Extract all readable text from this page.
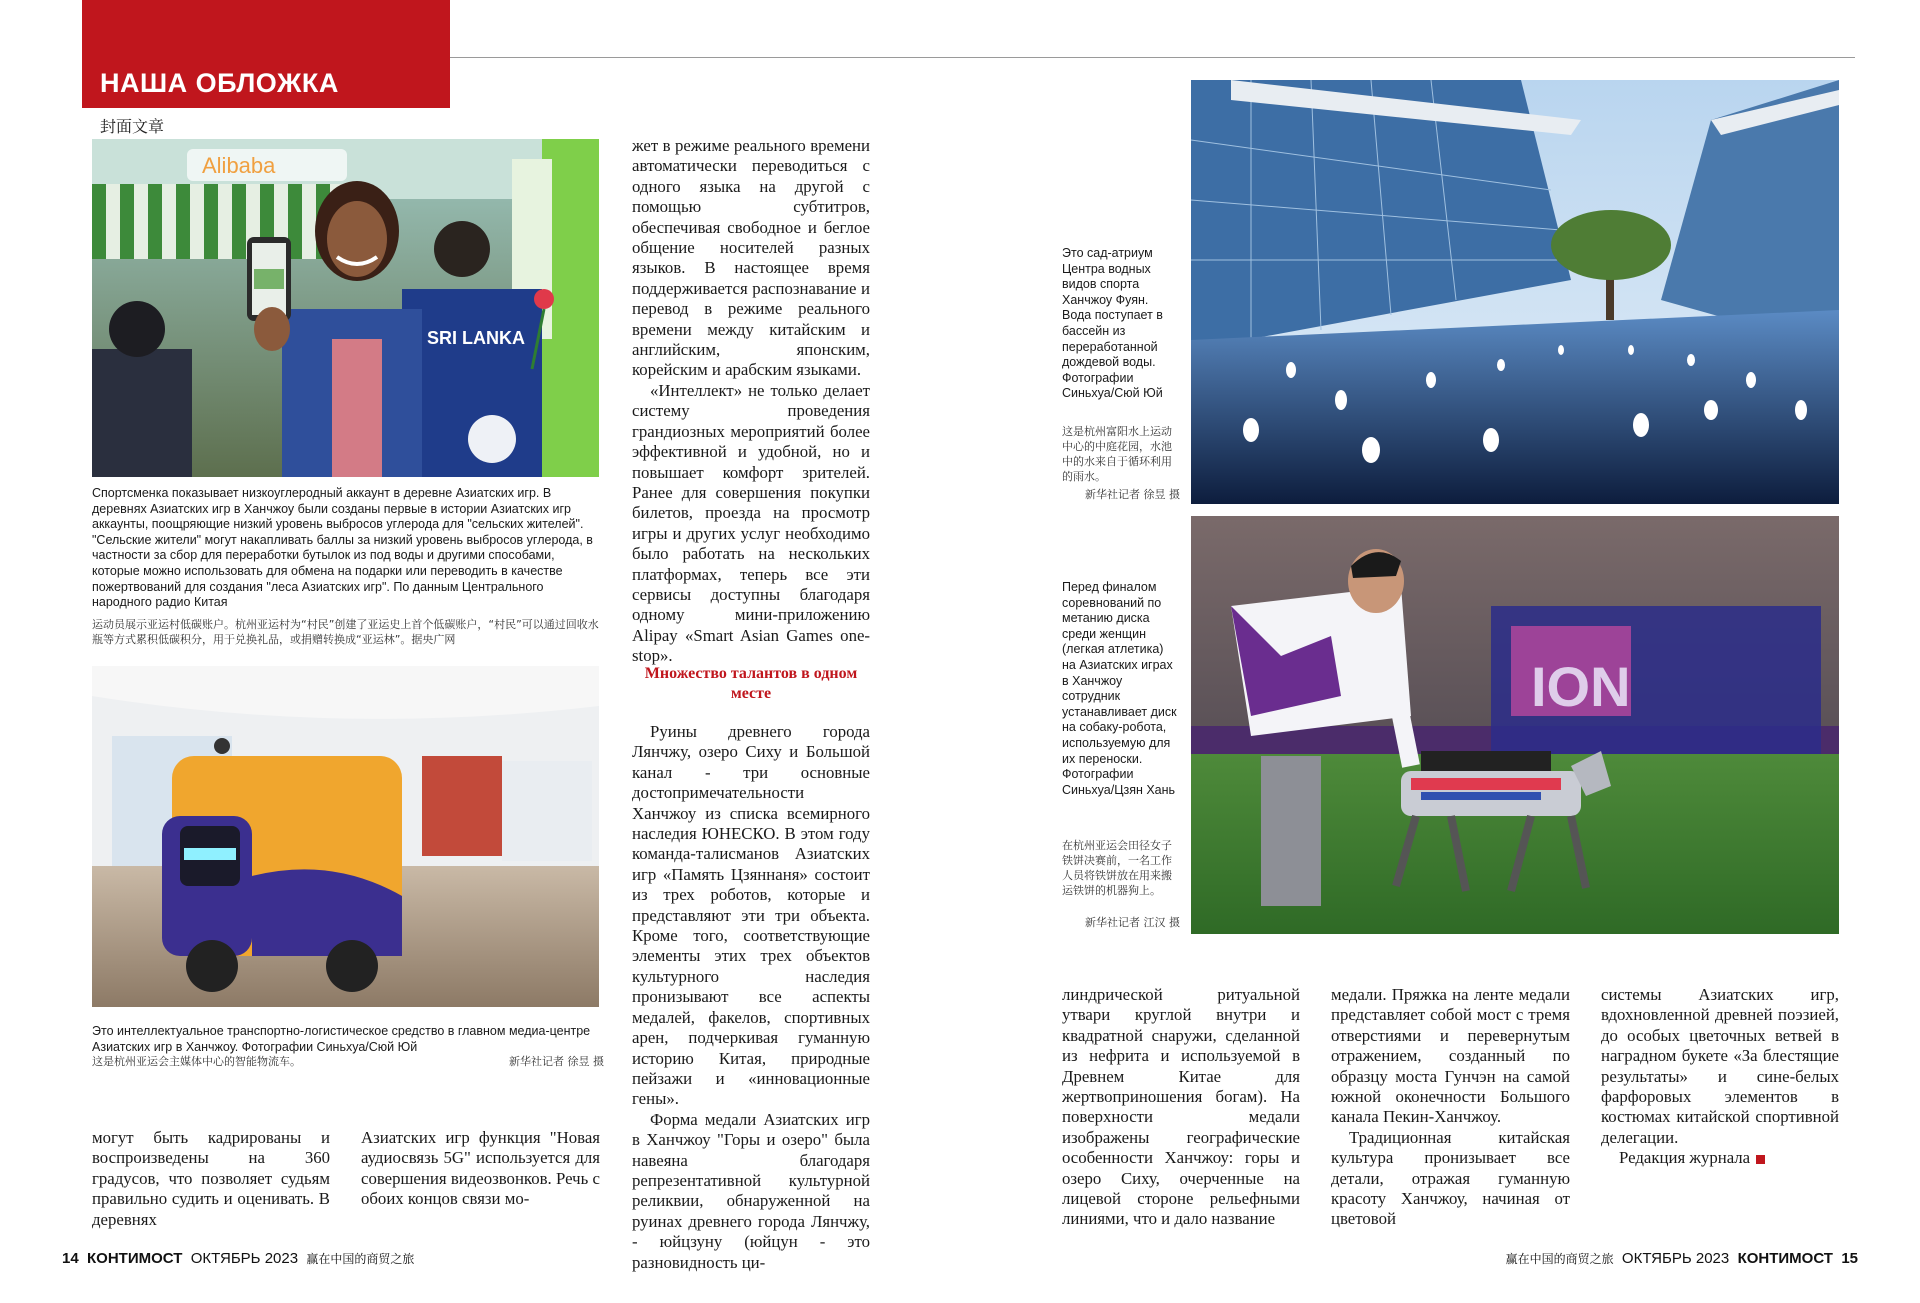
НАША ОБЛОЖКА
封面文章
Alibaba
SRI LANKA
Спортсменка показывает низкоуглеродный аккаунт в деревне Азиатских игр. В деревнях Азиатских игр в Ханчжоу были созданы первые в истории Азиатских игр аккаунты, поощряющие низкий уровень выбросов углерода для "сельских жителей". "Сельские жители" могут накапливать баллы за низкий уровень выбросов углерода, в частности за сбор для переработки бутылок из под воды и другими способами, которые можно использовать для обмена на подарки или переводить в качестве пожертвований для создания "леса Азиатских игр". По данным Центрального народного радио Китая
运动员展示亚运村低碳账户。杭州亚运村为“村民”创建了亚运史上首个低碳账户，“村民”可以通过回收水瓶等方式累积低碳积分，用于兑换礼品，或捐赠转换成“亚运林”。据央广网
Это интеллектуальное транспортно-логистическое средство в главном медиа-центре Азиатских игр в Ханчжоу. Фотографии Синьхуа/Сюй Юй
这是杭州亚运会主媒体中心的智能物流车。	新华社记者 徐昱 摄

могут быть кадрированы и воспроизведены на 360 градусов, что позволяет судьям правильно судить и оценивать. В деревнях

Азиатских игр функция "Новая аудиосвязь 5G" используется для совершения видеозвонков. Речь с обоих концов связи мо-

жет в режиме реального времени автоматически переводиться с одного языка на другой с помощью субтитров, обеспечивая свободное и беглое общение носителей разных языков. В настоящее время поддерживается распознавание и перевод в режиме реального времени между китайским и английским, японским, корейским и арабским языками.

«Интеллект» не только делает систему проведения грандиозных мероприятий более эффективной и удобной, но и повышает комфорт зрителей. Ранее для совершения покупки билетов, проезда на просмотр игры и других услуг необходимо было работать на нескольких платформах, теперь все эти сервисы доступны благодаря одному мини-приложению Alipay «Smart Asian Games one-stop».

Множество талантов в одном месте

Руины древнего города Лянчжу, озеро Сиху и Большой канал - три основные достопримечательности Ханчжоу из списка всемирного наследия ЮНЕСКО. В этом году команда-талисманов Азиатских игр «Память Цзяннаня» состоит из трех роботов, которые и представляют эти три объекта. Кроме того, соответствующие элементы этих трех объектов культурного наследия пронизывают все аспекты медалей, факелов, спортивных арен, подчеркивая гуманную историю Китая, природные пейзажи и «инновационные гены».

Форма медали Азиатских игр в Ханчжоу "Горы и озеро" была навеяна благодаря репрезентативной культурной реликвии, обнаруженной на руинах древнего города Лянчжу, - юйцзуну (юйцун - это разновидность ци-

Это сад-атриум Центра водных видов спорта Ханчжоу Фуян. Вода поступает в бассейн из переработанной дождевой воды. Фотографии Синьхуа/Сюй Юй
这是杭州富阳水上运动中心的中庭花园，水池中的水来自于循环利用的雨水。
新华社记者 徐昱 摄
ION
Перед финалом соревнований по метанию диска среди женщин (легкая атлетика) на Азиатских играх в Ханчжоу сотрудник устанавливает диск на собаку-робота, используемую для их переноски. Фотографии Синьхуа/Цзян Хань
在杭州亚运会田径女子铁饼决赛前，一名工作人员将铁饼放在用来搬运铁饼的机器狗上。
新华社记者 江汉 摄

линдрической ритуальной утвари круглой внутри и квадратной снаружи, сделанной из нефрита и используемой в Древнем Китае для жертвоприношения богам). На поверхности медали изображены географические особенности Ханчжоу: горы и озеро Сиху, очерченные на лицевой стороне рельефными линиями, что и дало название

медали. Пряжка на ленте медали представляет собой мост с тремя отверстиями и перевернутым отражением, созданный по образцу моста Гунчэн на самой южной оконечности Большого канала Пекин-Ханчжоу.

Традиционная китайская культура пронизывает все детали, отражая гуманную красоту Ханчжоу, начиная от цветовой

системы Азиатских игр, вдохновленной древней поэзией, до особых цветочных ветвей в наградном букете «За блестящие результаты» и сине-белых фарфоровых элементов в костюмах китайской спортивной делегации.

Редакция журнала

14 КОНТИМОСТ ОКТЯБРЬ 2023 赢在中国的商贸之旅	赢在中国的商贸之旅 ОКТЯБРЬ 2023 КОНТИМОСТ 15
